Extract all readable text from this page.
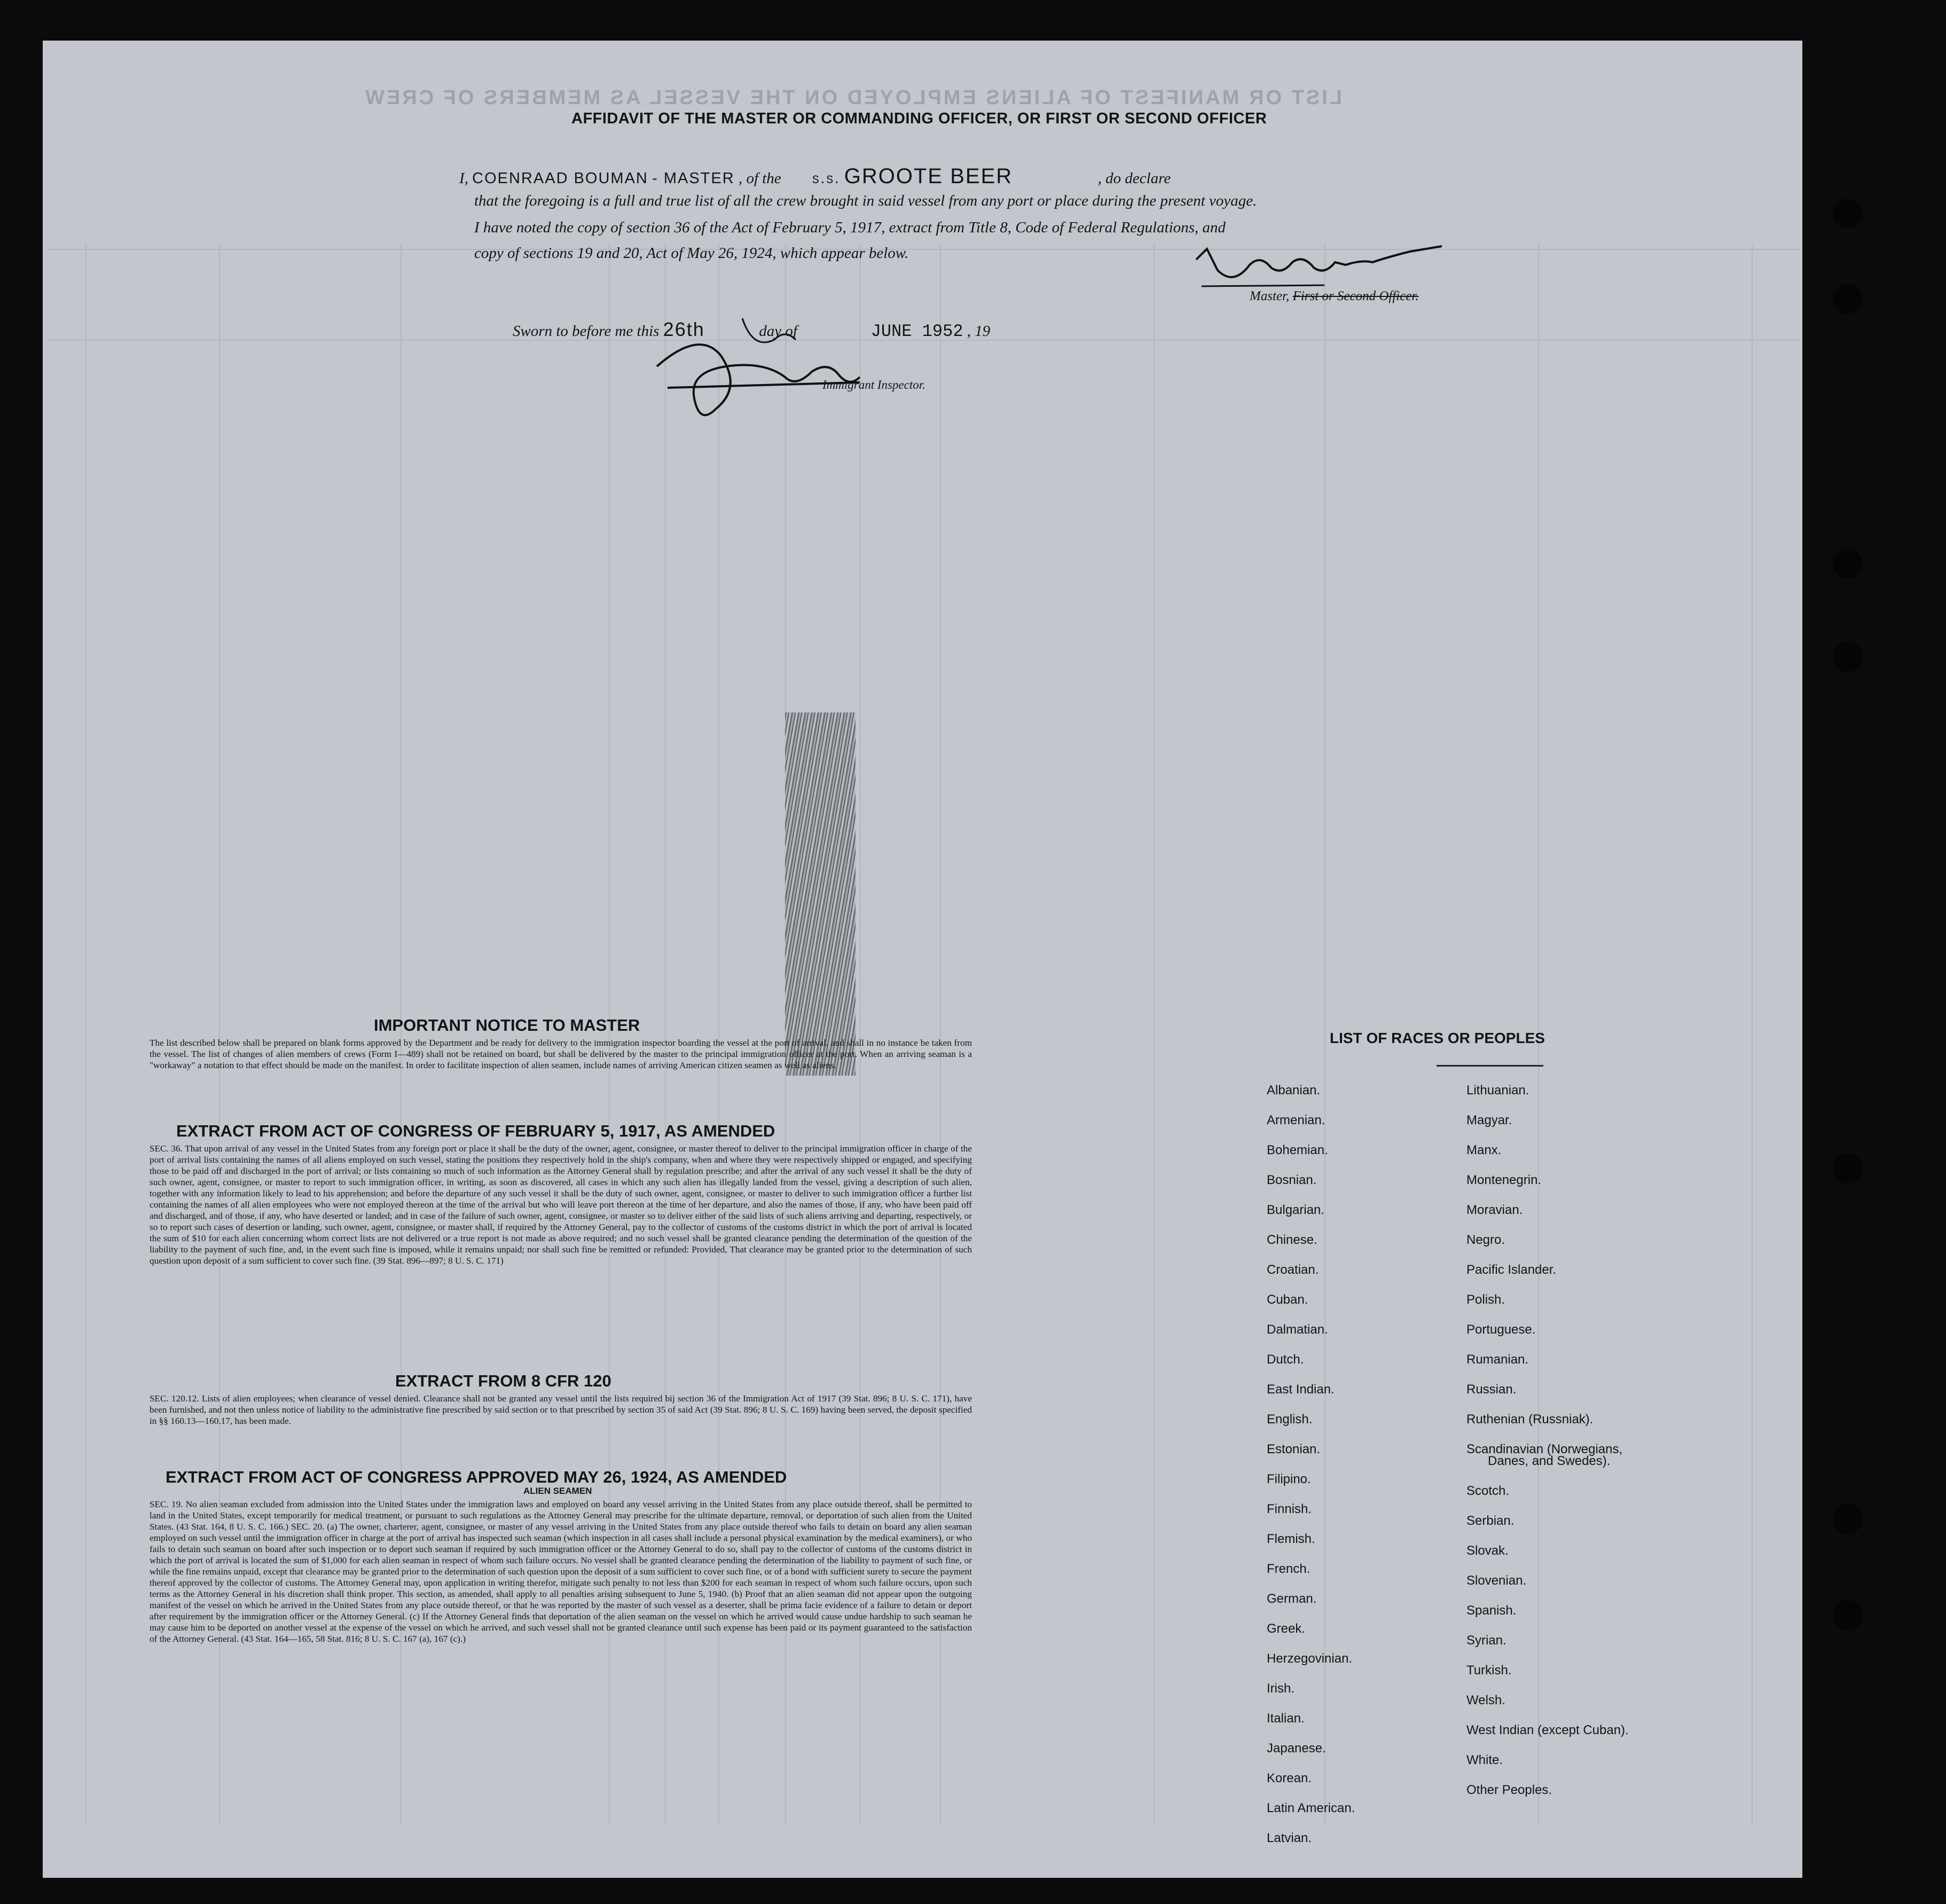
LIST OR MANIFEST OF ALIENS EMPLOYED ON THE VESSEL AS MEMBERS OF CREW
AFFIDAVIT OF THE MASTER OR COMMANDING OFFICER, OR FIRST OR SECOND OFFICER
I, COENRAAD BOUMAN - MASTER , of the	S.S. GROOTE BEER	, do declare
that the foregoing is a full and true list of all the crew brought in said vessel from any port or place during the present voyage.
I have noted the copy of section 36 of the Act of February 5, 1917, extract from Title 8, Code of Federal Regulations, and
copy of sections 19 and 20, Act of May 26, 1924, which appear below.
Master, First or Second Officer.
Sworn to before me this 26th	day of	JUNE 1952 , 19
Immigrant Inspector.
IMPORTANT NOTICE TO MASTER
The list described below shall be prepared on blank forms approved by the Department and be ready for delivery to the immigration inspector boarding the vessel at the port of arrival, and shall in no instance be taken from the vessel. The list of changes of alien members of crews (Form I—489) shall not be retained on board, but shall be delivered by the master to the principal immigration officer at the port. When an arriving seaman is a "workaway" a notation to that effect should be made on the manifest. In order to facilitate inspection of alien seamen, include names of arriving American citizen seamen as well as aliens.
EXTRACT FROM ACT OF CONGRESS OF FEBRUARY 5, 1917, AS AMENDED
SEC. 36. That upon arrival of any vessel in the United States from any foreign port or place it shall be the duty of the owner, agent, consignee, or master thereof to deliver to the principal immigration officer in charge of the port of arrival lists containing the names of all aliens employed on such vessel, stating the positions they respectively hold in the ship's company, when and where they were respectively shipped or engaged, and specifying those to be paid off and discharged in the port of arrival; or lists containing so much of such information as the Attorney General shall by regulation prescribe; and after the arrival of any such vessel it shall be the duty of such owner, agent, consignee, or master to report to such immigration officer, in writing, as soon as discovered, all cases in which any such alien has illegally landed from the vessel, giving a description of such alien, together with any information likely to lead to his apprehension; and before the departure of any such vessel it shall be the duty of such owner, agent, consignee, or master to deliver to such immigration officer a further list containing the names of all alien employees who were not employed thereon at the time of the arrival but who will leave port thereon at the time of her departure, and also the names of those, if any, who have been paid off and discharged, and of those, if any, who have deserted or landed; and in case of the failure of such owner, agent, consignee, or master so to deliver either of the said lists of such aliens arriving and departing, respectively, or so to report such cases of desertion or landing, such owner, agent, consignee, or master shall, if required by the Attorney General, pay to the collector of customs of the customs district in which the port of arrival is located the sum of $10 for each alien concerning whom correct lists are not delivered or a true report is not made as above required; and no such vessel shall be granted clearance pending the determination of the question of the liability to the payment of such fine, and, in the event such fine is imposed, while it remains unpaid; nor shall such fine be remitted or refunded: Provided, That clearance may be granted prior to the determination of such question upon deposit of a sum sufficient to cover such fine. (39 Stat. 896—897; 8 U. S. C. 171)
EXTRACT FROM 8 CFR 120
SEC. 120.12. Lists of alien employees; when clearance of vessel denied. Clearance shall not be granted any vessel until the lists required bij section 36 of the Immigration Act of 1917 (39 Stat. 896; 8 U. S. C. 171), have been furnished, and not then unless notice of liability to the administrative fine prescribed by said section or to that prescribed by section 35 of said Act (39 Stat. 896; 8 U. S. C. 169) having been served, the deposit specified in §§ 160.13—160.17, has been made.
EXTRACT FROM ACT OF CONGRESS APPROVED MAY 26, 1924, AS AMENDED
ALIEN SEAMEN
SEC. 19. No alien seaman excluded from admission into the United States under the immigration laws and employed on board any vessel arriving in the United States from any place outside thereof, shall be permitted to land in the United States, except temporarily for medical treatment, or pursuant to such regulations as the Attorney General may prescribe for the ultimate departure, removal, or deportation of such alien from the United States. (43 Stat. 164, 8 U. S. C. 166.) SEC. 20. (a) The owner, charterer, agent, consignee, or master of any vessel arriving in the United States from any place outside thereof who fails to detain on board any alien seaman employed on such vessel until the immigration officer in charge at the port of arrival has inspected such seaman (which inspection in all cases shall include a personal physical examination by the medical examiners), or who fails to detain such seaman on board after such inspection or to deport such seaman if required by such immigration officer or the Attorney General to do so, shall pay to the collector of customs of the customs district in which the port of arrival is located the sum of $1,000 for each alien seaman in respect of whom such failure occurs. No vessel shall be granted clearance pending the determination of the liability to payment of such fine, or while the fine remains unpaid, except that clearance may be granted prior to the determination of such question upon the deposit of a sum sufficient to cover such fine, or of a bond with sufficient surety to secure the payment thereof approved by the collector of customs. The Attorney General may, upon application in writing therefor, mitigate such penalty to not less than $200 for each seaman in respect of whom such failure occurs, upon such terms as the Attorney General in his discretion shall think proper. This section, as amended, shall apply to all penalties arising subsequent to June 5, 1940. (b) Proof that an alien seaman did not appear upon the outgoing manifest of the vessel on which he arrived in the United States from any place outside thereof, or that he was reported by the master of such vessel as a deserter, shall be prima facie evidence of a failure to detain or deport after requirement by the immigration officer or the Attorney General. (c) If the Attorney General finds that deportation of the alien seaman on the vessel on which he arrived would cause undue hardship to such seaman he may cause him to be deported on another vessel at the expense of the vessel on which he arrived, and such vessel shall not be granted clearance until such expense has been paid or its payment guaranteed to the satisfaction of the Attorney General. (43 Stat. 164—165, 58 Stat. 816; 8 U. S. C. 167 (a), 167 (c).)
LIST OF RACES OR PEOPLES
Albanian.
Armenian.
Bohemian.
Bosnian.
Bulgarian.
Chinese.
Croatian.
Cuban.
Dalmatian.
Dutch.
East Indian.
English.
Estonian.
Filipino.
Finnish.
Flemish.
French.
German.
Greek.
Herzegovinian.
Irish.
Italian.
Japanese.
Korean.
Latin American.
Latvian.
Lithuanian.
Magyar.
Manx.
Montenegrin.
Moravian.
Negro.
Pacific Islander.
Polish.
Portuguese.
Rumanian.
Russian.
Ruthenian (Russniak).
Scandinavian (Norwegians,
Danes, and Swedes).
Scotch.
Serbian.
Slovak.
Slovenian.
Spanish.
Syrian.
Turkish.
Welsh.
West Indian (except Cuban).
White.
Other Peoples.
